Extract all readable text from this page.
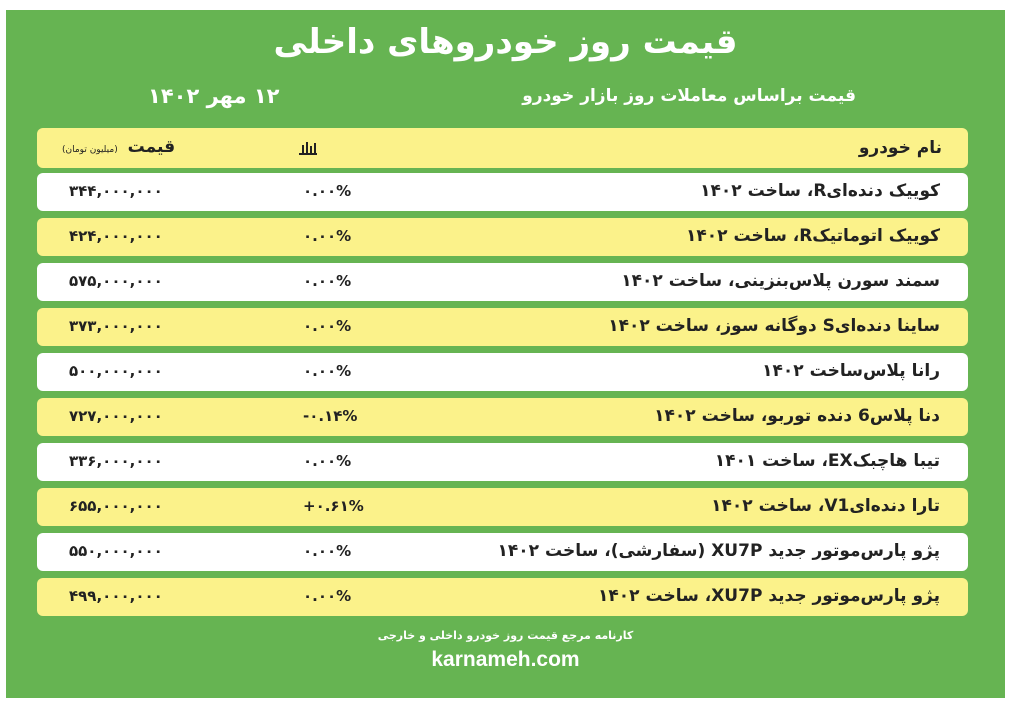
قیمت روز خودروهای داخلی
قیمت براساس معاملات روز بازار خودرو
۱۲ مهر ۱۴۰۲
نام خودرو
قیمت (میلیون تومان)
کوییک دنده‌ایR، ساخت ۱۴۰۲
۰.۰۰%
۳۴۴,۰۰۰,۰۰۰
کوییک اتوماتیکR، ساخت ۱۴۰۲
۰.۰۰%
۴۲۴,۰۰۰,۰۰۰
سمند سورن پلاس‌بنزینی، ساخت ۱۴۰۲
۰.۰۰%
۵۷۵,۰۰۰,۰۰۰
ساینا دنده‌ایS دوگانه سوز، ساخت ۱۴۰۲
۰.۰۰%
۳۷۳,۰۰۰,۰۰۰
رانا پلاس‌ساخت ۱۴۰۲
۰.۰۰%
۵۰۰,۰۰۰,۰۰۰
دنا پلاس6 دنده توربو، ساخت ۱۴۰۲
-۰.۱۴%
۷۲۷,۰۰۰,۰۰۰
تیبا هاچبکEX، ساخت ۱۴۰۱
۰.۰۰%
۳۳۶,۰۰۰,۰۰۰
تارا دنده‌ایV1، ساخت ۱۴۰۲
+۰.۶۱%
۶۵۵,۰۰۰,۰۰۰
پژو پارس‌موتور جدید XU7P (سفارشی)، ساخت ۱۴۰۲
۰.۰۰%
۵۵۰,۰۰۰,۰۰۰
پژو پارس‌موتور جدید XU7P، ساخت ۱۴۰۲
۰.۰۰%
۴۹۹,۰۰۰,۰۰۰
کارنامه مرجع قیمت روز خودرو داخلی و خارجی
karnameh.com
